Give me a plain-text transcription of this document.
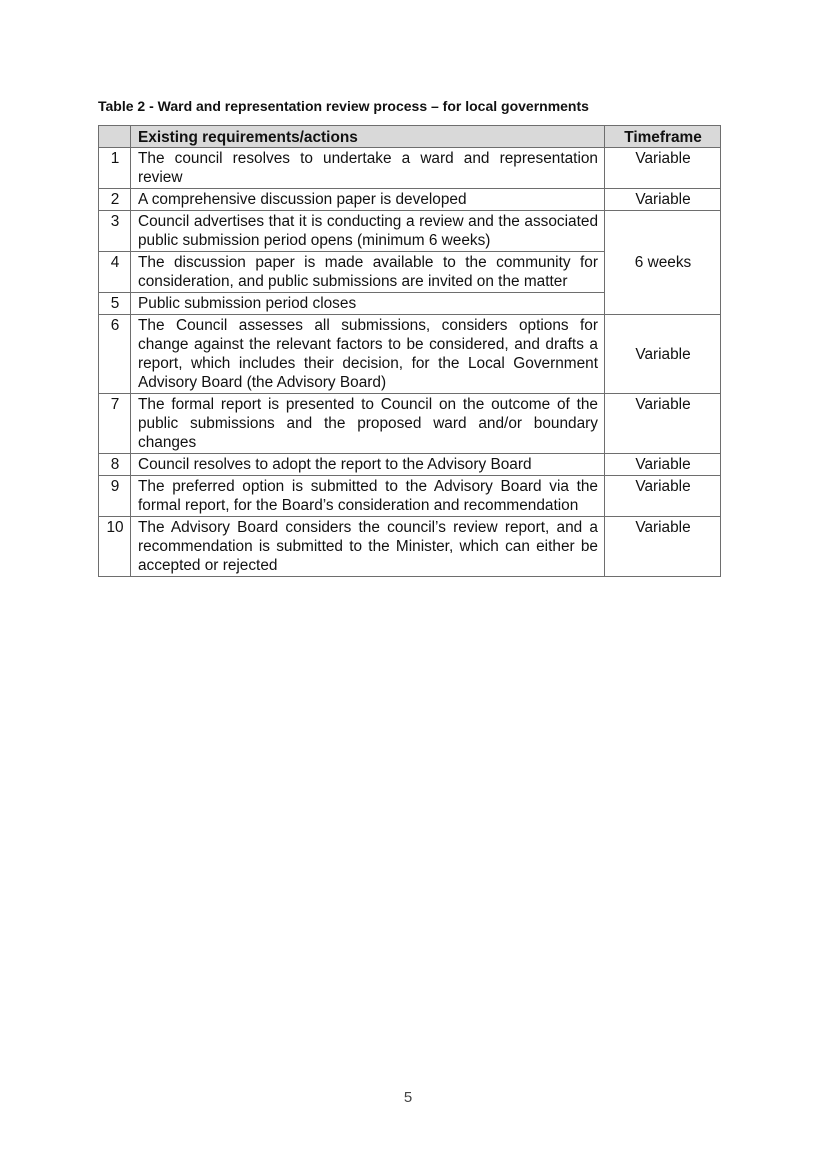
Table 2 - Ward and representation review process – for local governments
	Existing requirements/actions	Timeframe
1	The council resolves to undertake a ward and representation review	Variable
2	A comprehensive discussion paper is developed	Variable
3	Council advertises that it is conducting a review and the associated public submission period opens (minimum 6 weeks)	6 weeks
4	The discussion paper is made available to the community for consideration, and public submissions are invited on the matter	
5	Public submission period closes	
6	The Council assesses all submissions, considers options for change against the relevant factors to be considered, and drafts a report, which includes their decision, for the Local Government Advisory Board (the Advisory Board)	Variable
7	The formal report is presented to Council on the outcome of the public submissions and the proposed ward and/or boundary changes	Variable
8	Council resolves to adopt the report to the Advisory Board	Variable
9	The preferred option is submitted to the Advisory Board via the formal report, for the Board’s consideration and recommendation	Variable
10	The Advisory Board considers the council’s review report, and a recommendation is submitted to the Minister, which can either be accepted or rejected	Variable
5
